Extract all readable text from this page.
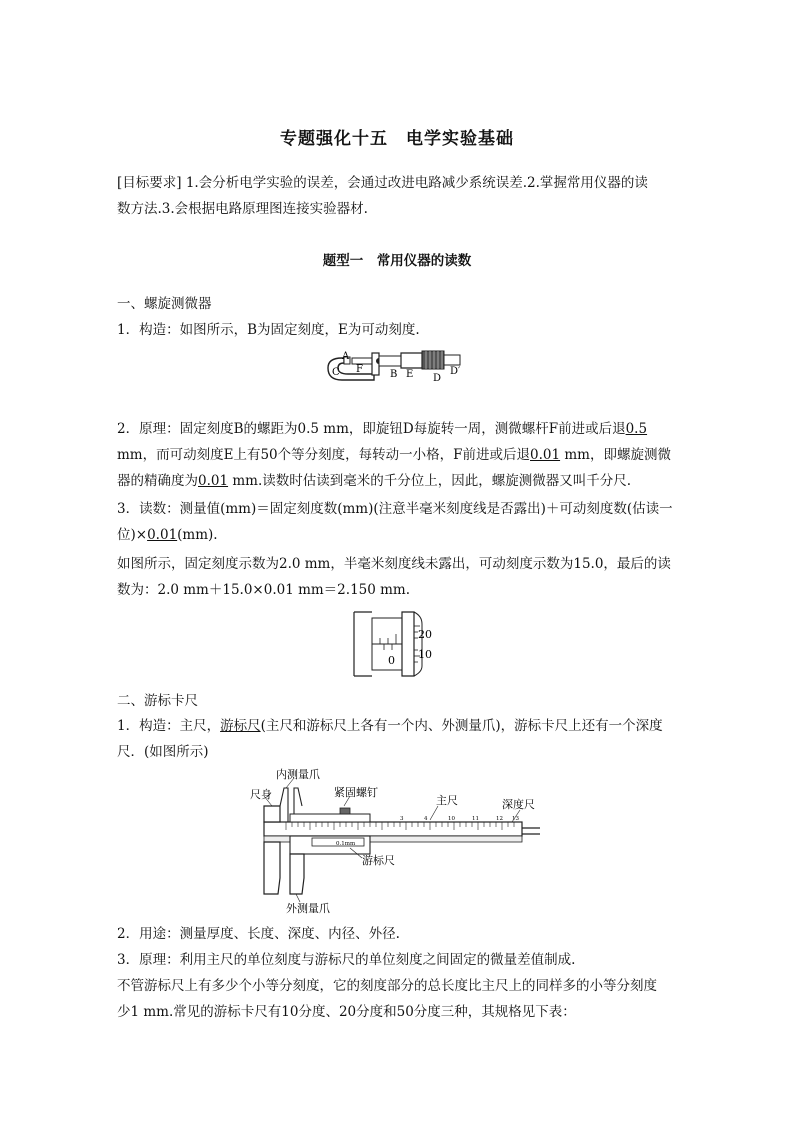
专题强化十五　电学实验基础
[目标要求] 1.会分析电学实验的误差，会通过改进电路减少系统误差.2.掌握常用仪器的读
数方法.3.会根据电路原理图连接实验器材.
题型一　常用仪器的读数
一、螺旋测微器
1．构造：如图所示，B为固定刻度，E为可动刻度.
A
C F	B E D
D′
2．原理：固定刻度B的螺距为0.5 mm，即旋钮D每旋转一周，测微螺杆F前进或后退0.5
mm，而可动刻度E上有50个等分刻度，每转动一小格，F前进或后退0.01 mm，即螺旋测微
器的精确度为0.01 mm.读数时估读到毫米的千分位上，因此，螺旋测微器又叫千分尺.
3．读数：测量值(mm)＝固定刻度数(mm)(注意半毫米刻度线是否露出)＋可动刻度数(估读一
位)×0.01(mm).
如图所示，固定刻度示数为2.0 mm，半毫米刻度线未露出，可动刻度示数为15.0，最后的读
数为：2.0 mm＋15.0×0.01 mm＝2.150 mm.
20
10
0
二、游标卡尺
1．构造：主尺，游标尺(主尺和游标尺上各有一个内、外测量爪)，游标卡尺上还有一个深度
尺．(如图所示)
3	4	10	11	12 13
0.1mm
内测量爪
尺身	紧固螺钉
主尺	深度尺
游标尺
外测量爪
2．用途：测量厚度、长度、深度、内径、外径.
3．原理：利用主尺的单位刻度与游标尺的单位刻度之间固定的微量差值制成.
不管游标尺上有多少个小等分刻度，它的刻度部分的总长度比主尺上的同样多的小等分刻度
少1 mm.常见的游标卡尺有10分度、20分度和50分度三种，其规格见下表：
